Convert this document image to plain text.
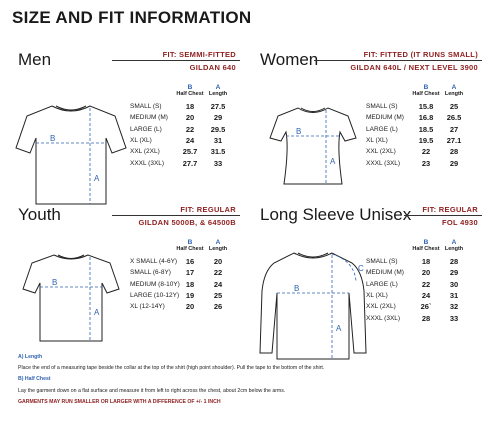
SIZE AND FIT INFORMATION
Men	FIT: SEMMI-FITTED
GILDAN 640
B
A
B	A
Half Chest Length
SMALL (S)	18	27.5
MEDIUM (M)	20	29
LARGE (L)	22	29.5
XL (XL)	24	31
XXL (2XL)	25.7	31.5
XXXL (3XL)	27.7	33
Women	FIT: FITTED (IT RUNS SMALL)
GILDAN 640L / NEXT LEVEL 3900
B
A
B	A
Half Chest Length
SMALL (S)	15.8	25
MEDIUM (M)	16.8	26.5
LARGE (L)	18.5	27
XL (XL)	19.5	27.1
XXL (2XL)	22	28
XXXL (3XL)	23	29
Youth	FIT: REGULAR
GILDAN 5000B, & 64500B
B
A
B	A
Half Chest Length
X SMALL (4-6Y)	16	20
SMALL (6-8Y)	17	22
MEDIUM (8-10Y) 18	24
LARGE (10-12Y) 19	25
XL (12-14Y)	20	26
Long Sleeve Unisex FIT: REGULAR
FOL 4930
B
A
C
B	A
Half Chest Length
SMALL (S)	18	28
MEDIUM (M)	20	29
LARGE (L)	22	30
XL (XL)	24	31
XXL (2XL)	26`	32
XXXL (3XL)	28	33
A) Length
Place the end of a measuring tape beside the collar at the top of the shirt (high point shoulder). Pull the tape to the bottom of the shirt.
B) Half Chest
Lay the garment down on a flat surface and measure it from left to right across the chest, about 2cm below the arms.
GARMENTS MAY RUN SMALLER OR LARGER WITH A DIFFERENCE OF +/- 1 INCH
